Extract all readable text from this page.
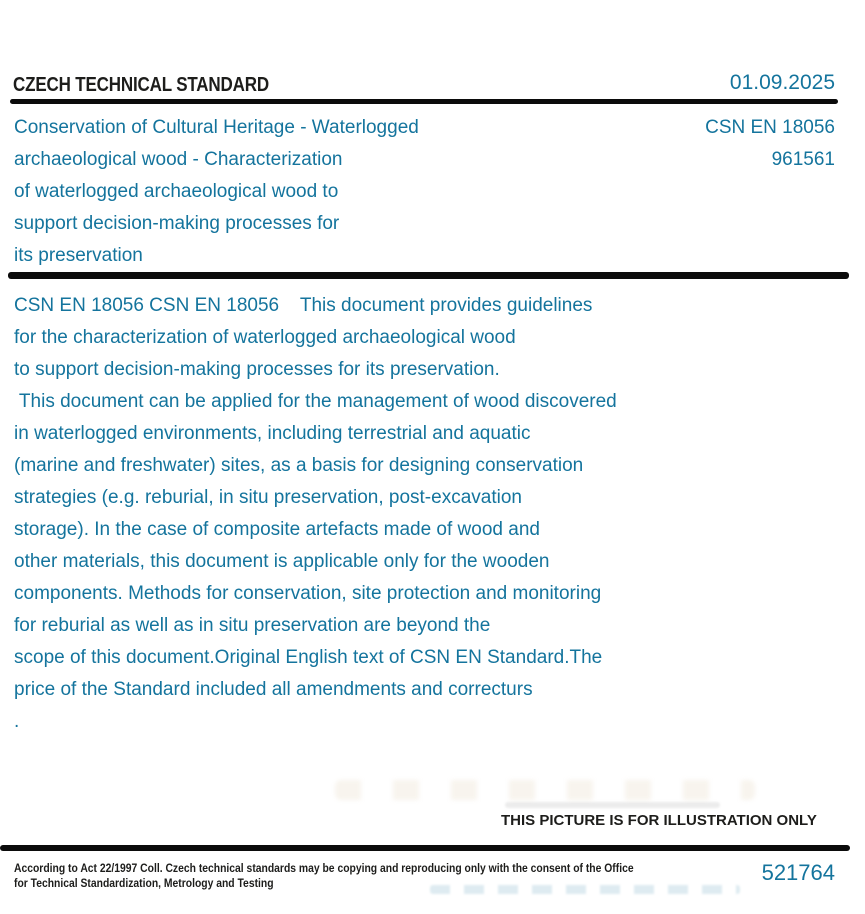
CZECH TECHNICAL STANDARD	01.09.2025
Conservation of Cultural Heritage - Waterlogged
archaeological wood - Characterization
of waterlogged archaeological wood to
support decision-making processes for
its preservation
CSN EN 18056
961561
CSN EN 18056 CSN EN 18056    This document provides guidelines
for the characterization of waterlogged archaeological wood
to support decision-making processes for its preservation.
This document can be applied for the management of wood discovered
in waterlogged environments, including terrestrial and aquatic
(marine and freshwater) sites, as a basis for designing conservation
strategies (e.g. reburial, in situ preservation, post-excavation
storage). In the case of composite artefacts made of wood and
other materials, this document is applicable only for the wooden
components. Methods for conservation, site protection and monitoring
for reburial as well as in situ preservation are beyond the
scope of this document.Original English text of CSN EN Standard.The
price of the Standard included all amendments and correcturs
.
THIS PICTURE IS FOR ILLUSTRATION ONLY
According to Act 22/1997 Coll. Czech technical standards may be copying and reproducing only with the consent of the Office
for Technical Standardization, Metrology and Testing	521764
